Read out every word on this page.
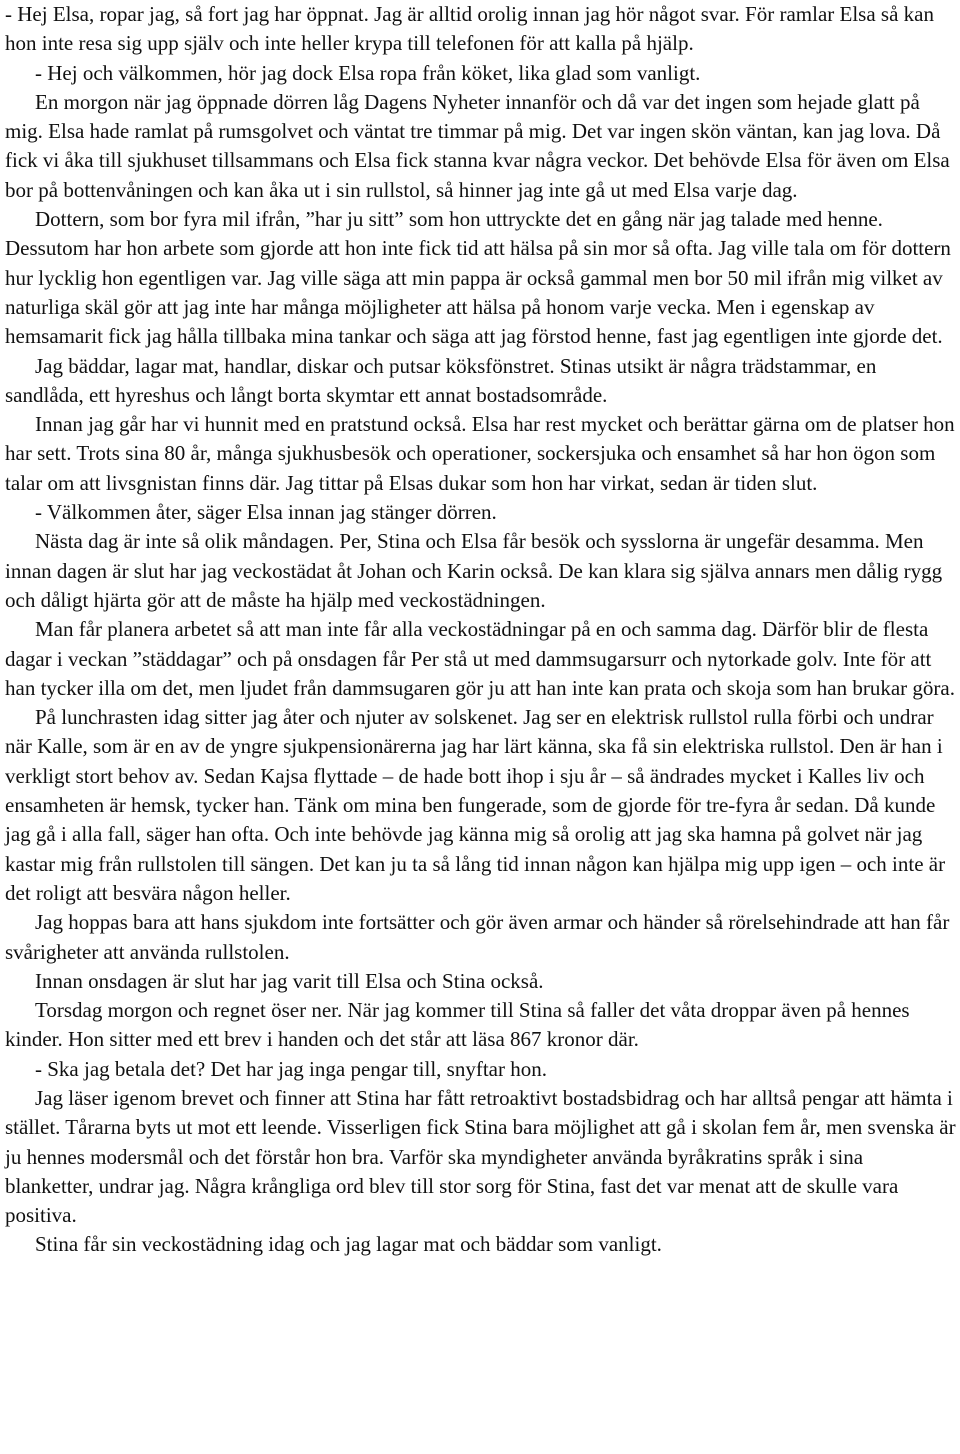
- Hej Elsa, ropar jag, så fort jag har öppnat. Jag är alltid orolig innan jag hör något svar. För ramlar Elsa så kan hon inte resa sig upp själv och inte heller krypa till telefonen för att kalla på hjälp.
- Hej och välkommen, hör jag dock Elsa ropa från köket, lika glad som vanligt.
En morgon när jag öppnade dörren låg Dagens Nyheter innanför och då var det ingen som hejade glatt på mig. Elsa hade ramlat på rumsgolvet och väntat tre timmar på mig. Det var ingen skön väntan, kan jag lova. Då fick vi åka till sjukhuset tillsammans och Elsa fick stanna kvar några veckor. Det behövde Elsa för även om Elsa bor på bottenvåningen och kan åka ut i sin rullstol, så hinner jag inte gå ut med Elsa varje dag.
Dottern, som bor fyra mil ifrån, ”har ju sitt” som hon uttryckte det en gång när jag talade med henne. Dessutom har hon arbete som gjorde att hon inte fick tid att hälsa på sin mor så ofta. Jag ville tala om för dottern hur lycklig hon egentligen var. Jag ville säga att min pappa är också gammal men bor 50 mil ifrån mig vilket av naturliga skäl gör att jag inte har många möjligheter att hälsa på honom varje vecka. Men i egenskap av hemsamarit fick jag hålla tillbaka mina tankar och säga att jag förstod henne, fast jag egentligen inte gjorde det.
Jag bäddar, lagar mat, handlar, diskar och putsar köksfönstret. Stinas utsikt är några trädstammar, en sandlåda, ett hyreshus och långt borta skymtar ett annat bostadsområde.
Innan jag går har vi hunnit med en pratstund också. Elsa har rest mycket och berättar gärna om de platser hon har sett. Trots sina 80 år, många sjukhusbesök och operationer, sockersjuka och ensamhet så har hon ögon som talar om att livsgnistan finns där. Jag tittar på Elsas dukar som hon har virkat, sedan är tiden slut.
- Välkommen åter, säger Elsa innan jag stänger dörren.
Nästa dag är inte så olik måndagen. Per, Stina och Elsa får besök och sysslorna är ungefär desamma. Men innan dagen är slut har jag veckostädat åt Johan och Karin också. De kan klara sig själva annars men dålig rygg och dåligt hjärta gör att de måste ha hjälp med veckostädningen.
Man får planera arbetet så att man inte får alla veckostädningar på en och samma dag. Därför blir de flesta dagar i veckan ”städdagar” och på onsdagen får Per stå ut med dammsugarsurr och nytorkade golv. Inte för att han tycker illa om det, men ljudet från dammsugaren gör ju att han inte kan prata och skoja som han brukar göra.
På lunchrasten idag sitter jag åter och njuter av solskenet. Jag ser en elektrisk rullstol rulla förbi och undrar när Kalle, som är en av de yngre sjukpensionärerna jag har lärt känna, ska få sin elektriska rullstol. Den är han i verkligt stort behov av. Sedan Kajsa flyttade – de hade bott ihop i sju år – så ändrades mycket i Kalles liv och ensamheten är hemsk, tycker han. Tänk om mina ben fungerade, som de gjorde för tre-fyra år sedan. Då kunde jag gå i alla fall, säger han ofta. Och inte behövde jag känna mig så orolig att jag ska hamna på golvet när jag kastar mig från rullstolen till sängen. Det kan ju ta så lång tid innan någon kan hjälpa mig upp igen – och inte är det roligt att besvära någon heller.
Jag hoppas bara att hans sjukdom inte fortsätter och gör även armar och händer så rörelsehindrade att han får svårigheter att använda rullstolen.
Innan onsdagen är slut har jag varit till Elsa och Stina också.
Torsdag morgon och regnet öser ner. När jag kommer till Stina så faller det våta droppar även på hennes kinder. Hon sitter med ett brev i handen och det står att läsa 867 kronor där.
- Ska jag betala det? Det har jag inga pengar till, snyftar hon.
Jag läser igenom brevet och finner att Stina har fått retroaktivt bostadsbidrag och har alltså pengar att hämta i stället. Tårarna byts ut mot ett leende. Visserligen fick Stina bara möjlighet att gå i skolan fem år, men svenska är ju hennes modersmål och det förstår hon bra. Varför ska myndigheter använda byråkratins språk i sina blanketter, undrar jag. Några krångliga ord blev till stor sorg för Stina, fast det var menat att de skulle vara positiva.
Stina får sin veckostädning idag och jag lagar mat och bäddar som vanligt.
